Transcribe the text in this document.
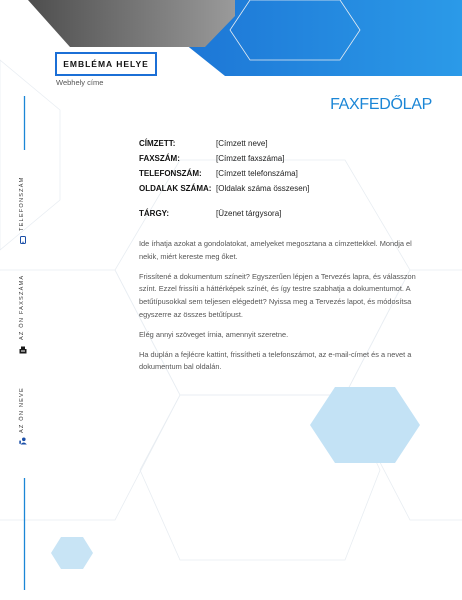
EMBLÉMA HELYE
Webhely címe
FAXFEDŐLAP
TELEFONSZÁM
AZ ÖN FAXSZÁMA
AZ ÖN NEVE
CÍMZETT:	[Címzett neve]
FAXSZÁM:	[Címzett faxszáma]
TELEFONSZÁM: [Címzett telefonszáma]
OLDALAK SZÁMA: [Oldalak száma összesen]
TÁRGY:	[Üzenet tárgysora]

Ide írhatja azokat a gondolatokat, amelyeket megosztana a címzettekkel. Mondja el nekik, miért kereste meg őket.

Frissítené a dokumentum színeit? Egyszerűen lépjen a Tervezés lapra, és válasszon színt. Ezzel frissíti a háttérképek színét, és így testre szabhatja a dokumentumot. A betűtípusokkal sem teljesen elégedett? Nyissa meg a Tervezés lapot, és módosítsa egyszerre az összes betűtípust.

Elég annyi szöveget írnia, amennyit szeretne.

Ha duplán a fejlécre kattint, frissítheti a telefonszámot, az e-mail-címet és a nevet a dokumentum bal oldalán.
